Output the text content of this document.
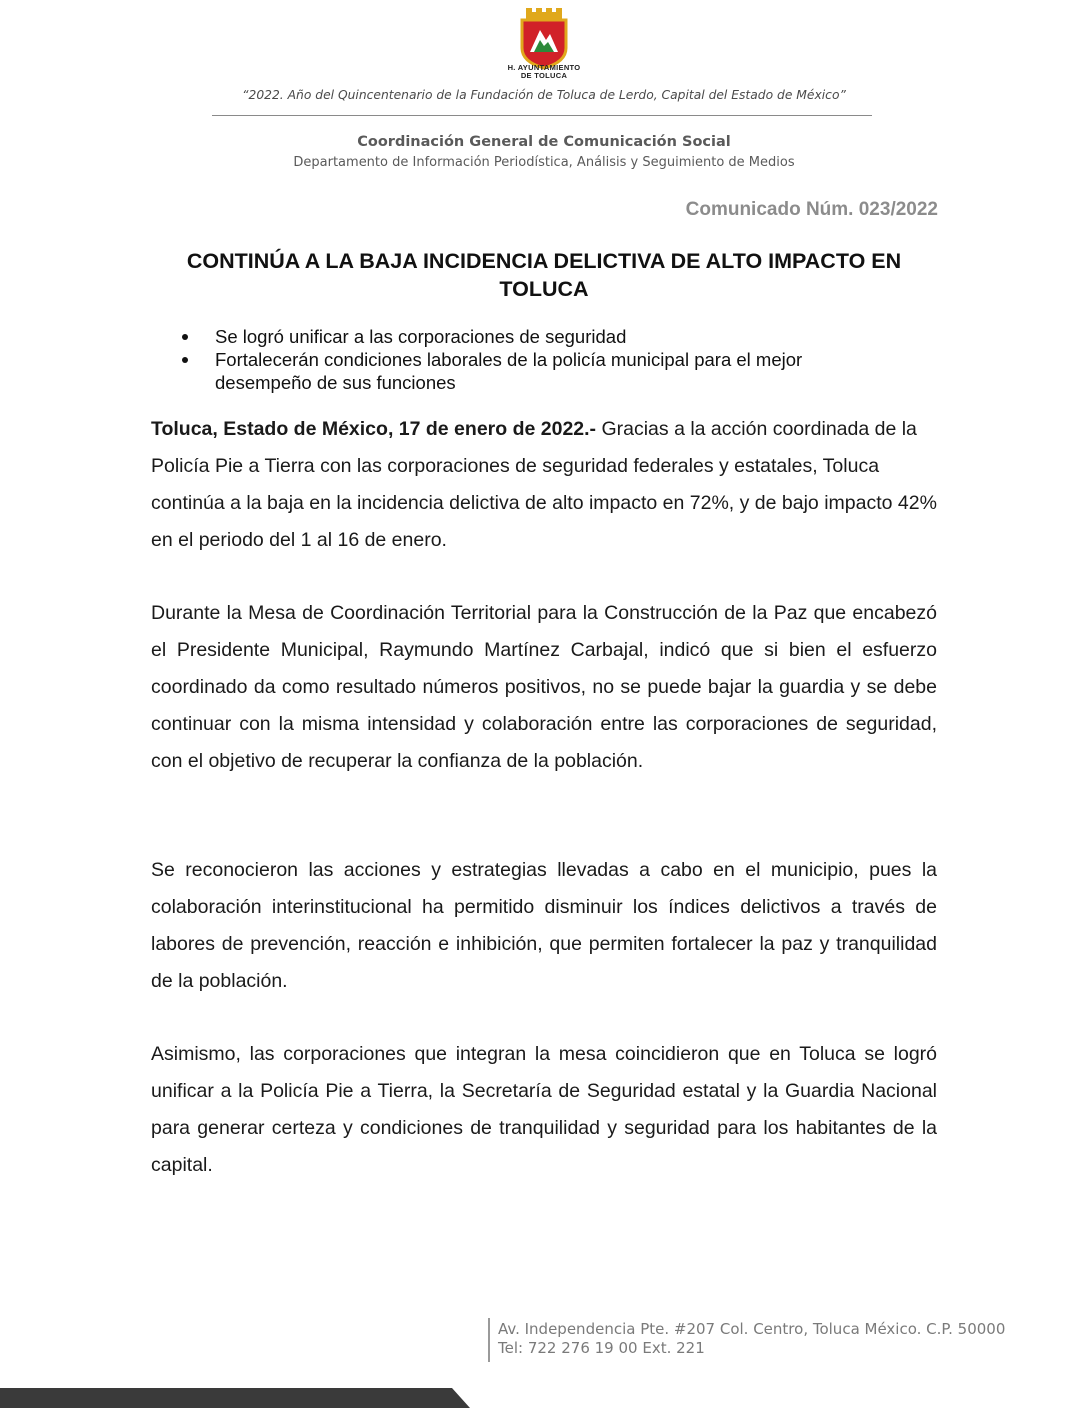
H. AYUNTAMIENTO
DE TOLUCA
“2022. Año del Quincentenario de la Fundación de Toluca de Lerdo, Capital del Estado de México”
Coordinación General de Comunicación Social
Departamento de Información Periodística, Análisis y Seguimiento de Medios
Comunicado Núm. 023/2022
CONTINÚA A LA BAJA INCIDENCIA DELICTIVA DE ALTO IMPACTO EN TOLUCA
Se logró unificar a las corporaciones de seguridad
Fortalecerán condiciones laborales de la policía municipal para el mejor desempeño de sus funciones

Toluca, Estado de México, 17 de enero de 2022.- Gracias a la acción coordinada de la Policía Pie a Tierra con las corporaciones de seguridad federales y estatales, Toluca continúa a la baja en la incidencia delictiva de alto impacto en 72%, y de bajo impacto 42% en el periodo del 1 al 16 de enero.

Durante la Mesa de Coordinación Territorial para la Construcción de la Paz que encabezó el Presidente Municipal, Raymundo Martínez Carbajal, indicó que si bien el esfuerzo coordinado da como resultado números positivos, no se puede bajar la guardia y se debe continuar con la misma intensidad y colaboración entre las corporaciones de seguridad, con el objetivo de recuperar la confianza de la población.

Se reconocieron las acciones y estrategias llevadas a cabo en el municipio, pues la colaboración interinstitucional ha permitido disminuir los índices delictivos a través de labores de prevención, reacción e inhibición, que permiten fortalecer la paz y tranquilidad de la población.

Asimismo, las corporaciones que integran la mesa coincidieron que en Toluca se logró unificar a la Policía Pie a Tierra, la Secretaría de Seguridad estatal y la Guardia Nacional para generar certeza y condiciones de tranquilidad y seguridad para los habitantes de la capital.

Av. Independencia Pte. #207 Col. Centro, Toluca México. C.P. 50000
Tel: 722 276 19 00 Ext. 221
